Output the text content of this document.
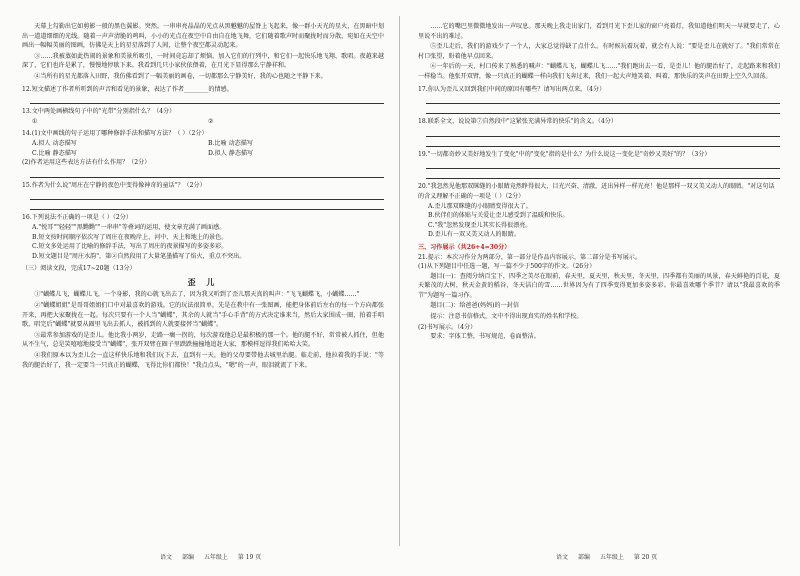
天幕上勾勒出它如剪影一般的黑色翼影。突然，一串串亮晶晶的光点从黑魆魆的屋脊上飞起来，像一群小天光的星火，在黑暗中划出一道道细细的光线。随着一声声清脆的鸣叫，小小的光点在夜空中自由自在地飞舞，它们随着歌声时而聚拢时而分散，宛如在天空中画出一幅幅美丽的图画，仿佛是天上的星星落到了人间，让整个夜空都灵动起来。

③……我被蒸如此热闹的景象和美景所吸引，一时间竟忘却了烦恼，加入它们的行列中，和它们一起快乐地飞翔、歌唱。夜越来越深了，它们也许是累了，慢慢地停歇下来。我看到几只小家伙依偎着，在月光下显得那么宁静祥和。

④当所有的星光都落入田野，我仿佛看到了一幅美丽的画卷，一切都那么宁静美好，我的心也随之平静下来。

12.短文描述了作者所听到的声音和看见的景象，表达了作者________的情感。

13.文中两处画横线句子中的"光带"分别指什么？（4分）

①	②

14.(1)文中画线的句子运用了哪种修辞手法和描写方法？（ ）（2分）

A.拟人 动态描写	B.比喻 动态描写
C.比喻 静态描写	D.拟人 静态描写

(2)作者运用这些表达方法有什么作用？（2分）

15.作者为什么说"周庄在宁静的夜色中变得像神奇的童话"？（2分）

16.下列说法不正确的一项是（ ）（2分）

A."悦耳""轻轻""黑黝黝""一串串"等叠词的运用，使文章充满了画面感。

B.短文按时间顺序依次写了周庄在夜晚岸上、河中、天上和地上的景色。

C.短文多处运用了比喻的修辞手法，写出了周庄的夜景描写的多姿多彩。

D.短文题目是"周庄水韵"，第②自然段用了大量笔墨描写了焰火，重点不突出。

（三）阅读文段，完成17~20题（13分）

歪 儿

①"蝴蝶儿飞，蝴蝶儿飞，一个身影，我的心就飞出去了，因为我又听到了歪儿那天真的叫声："飞飞蝴蝶飞，小蝴蝶……"

②"蝴蝶姐姐"是哥哥姐姐们口中对最喜欢的游戏。它的玩法很简单，先是在教中有一张图画，能把身体前后左右的每一个方向都张开来，再把大家聚拢在一起。每次只要有一个人当"蝴蝶"，其余的人就当"手心手背"的方式决定谁来当，然后大家围成一圈，拍着手唱歌，唱完后"蝴蝶"就要从圈里飞出去抓人，被抓到的人就要接替当"蝴蝶"。

③最常参加游戏的是歪儿。他比我小两岁，走路一瘸一拐的，每次游戏他总是最积极的那一个。他的腿不好，常常被人抓住，但他从不生气，总是笑嘻嘻地接受当"蝴蝶"，张开双臂在圈子里跌跌撞撞地追赶大家，那模样逗得我们哈哈大笑。

④我们原本以为歪儿会一直这样快乐地和我们玩下去，直到有一天，他的父母要带他去城里治腿。临走前，他拉着我的手说："等我的腿治好了，我一定要当一只真正的蝴蝶，飞得比你们都快！"我点点头，"嗯"的一声，眼泪就流了下来。

……它的嘴巴里微微地发出一声叹息。那天晚上我走出家门，看到月光下歪儿家的窗户亮着灯，我知道他们明天一早就要走了，心里说不出的难过。

⑤歪儿走后，我们的游戏少了一个人，大家总觉得缺了点什么。有时候玩着玩着，就会有人说："要是歪儿在就好了。"我们常常在村口张望，盼着他早点回来。

⑥一年后的一天，村口传来了熟悉的喊声："蝴蝶儿飞，蝴蝶儿飞……"我们跑出去一看，是歪儿！他的腿治好了，走起路来和我们一样稳当。他张开双臂，像一只真正的蝴蝶一样向我们飞奔过来，我们一起大声地笑着、叫着，那快乐的笑声在田野上空久久回荡。

17.你认为歪儿又回到我们中间的原因有哪些？请写出两点来。（4分）

18.联系全文，说说第⑦自然段中"这紧张充满异常的快乐"的含义。（4分）

19."一切都奇妙又美好地发生了变化"中的"变化"指的是什么？为什么说这一变化是"奇妙又美好"的？（3分）

20."我忽然见他那双眯缝的小眼睛竟然睁得很大，目光兴奋、清澈，迸出异样一样光亮！他是那样一双又美又动人的眼睛。"对这句话的含义理解不正确的一项是（ ）（2分）

A.歪儿那双眯缝的小眼睛变得很大了。

B.伙伴们的体贴与关爱让歪儿感受到了温暖和快乐。

C."我"忽然发现歪儿其实长得很漂亮。

D.歪儿有一双又美又动人的眼睛。

三、习作展示（共26+4=30分）

21.提示：本次习作分为两部分，第一部分是作品内容展示，第二部分是书写展示。

(1)从下列题目中任选一题，写一篇不少于500字的作文。（26分）

题目(一)：查阅分纳百宝下，四季之美尽在眼前，春天里，夏天里，秋天里，冬天里，四季都有美丽的风景，春天鲜艳的百花，夏天繁茂的大树，秋天金黄的稻谷，冬天洁白的雪……世界因为有了四季变得更加多姿多彩。你最喜欢哪个季节？请以"我最喜欢的季节"为题写一篇习作。

题目(二)：给爸爸(妈妈)的一封信

提示：注意书信格式，文中不得出现真实的姓名和学校。

(2)书写展示。（4分）

要求：字体工整，书写规范，卷面整洁。

语文 部编 五年级上 第 19 页	语文 部编 五年级上 第 20 页
